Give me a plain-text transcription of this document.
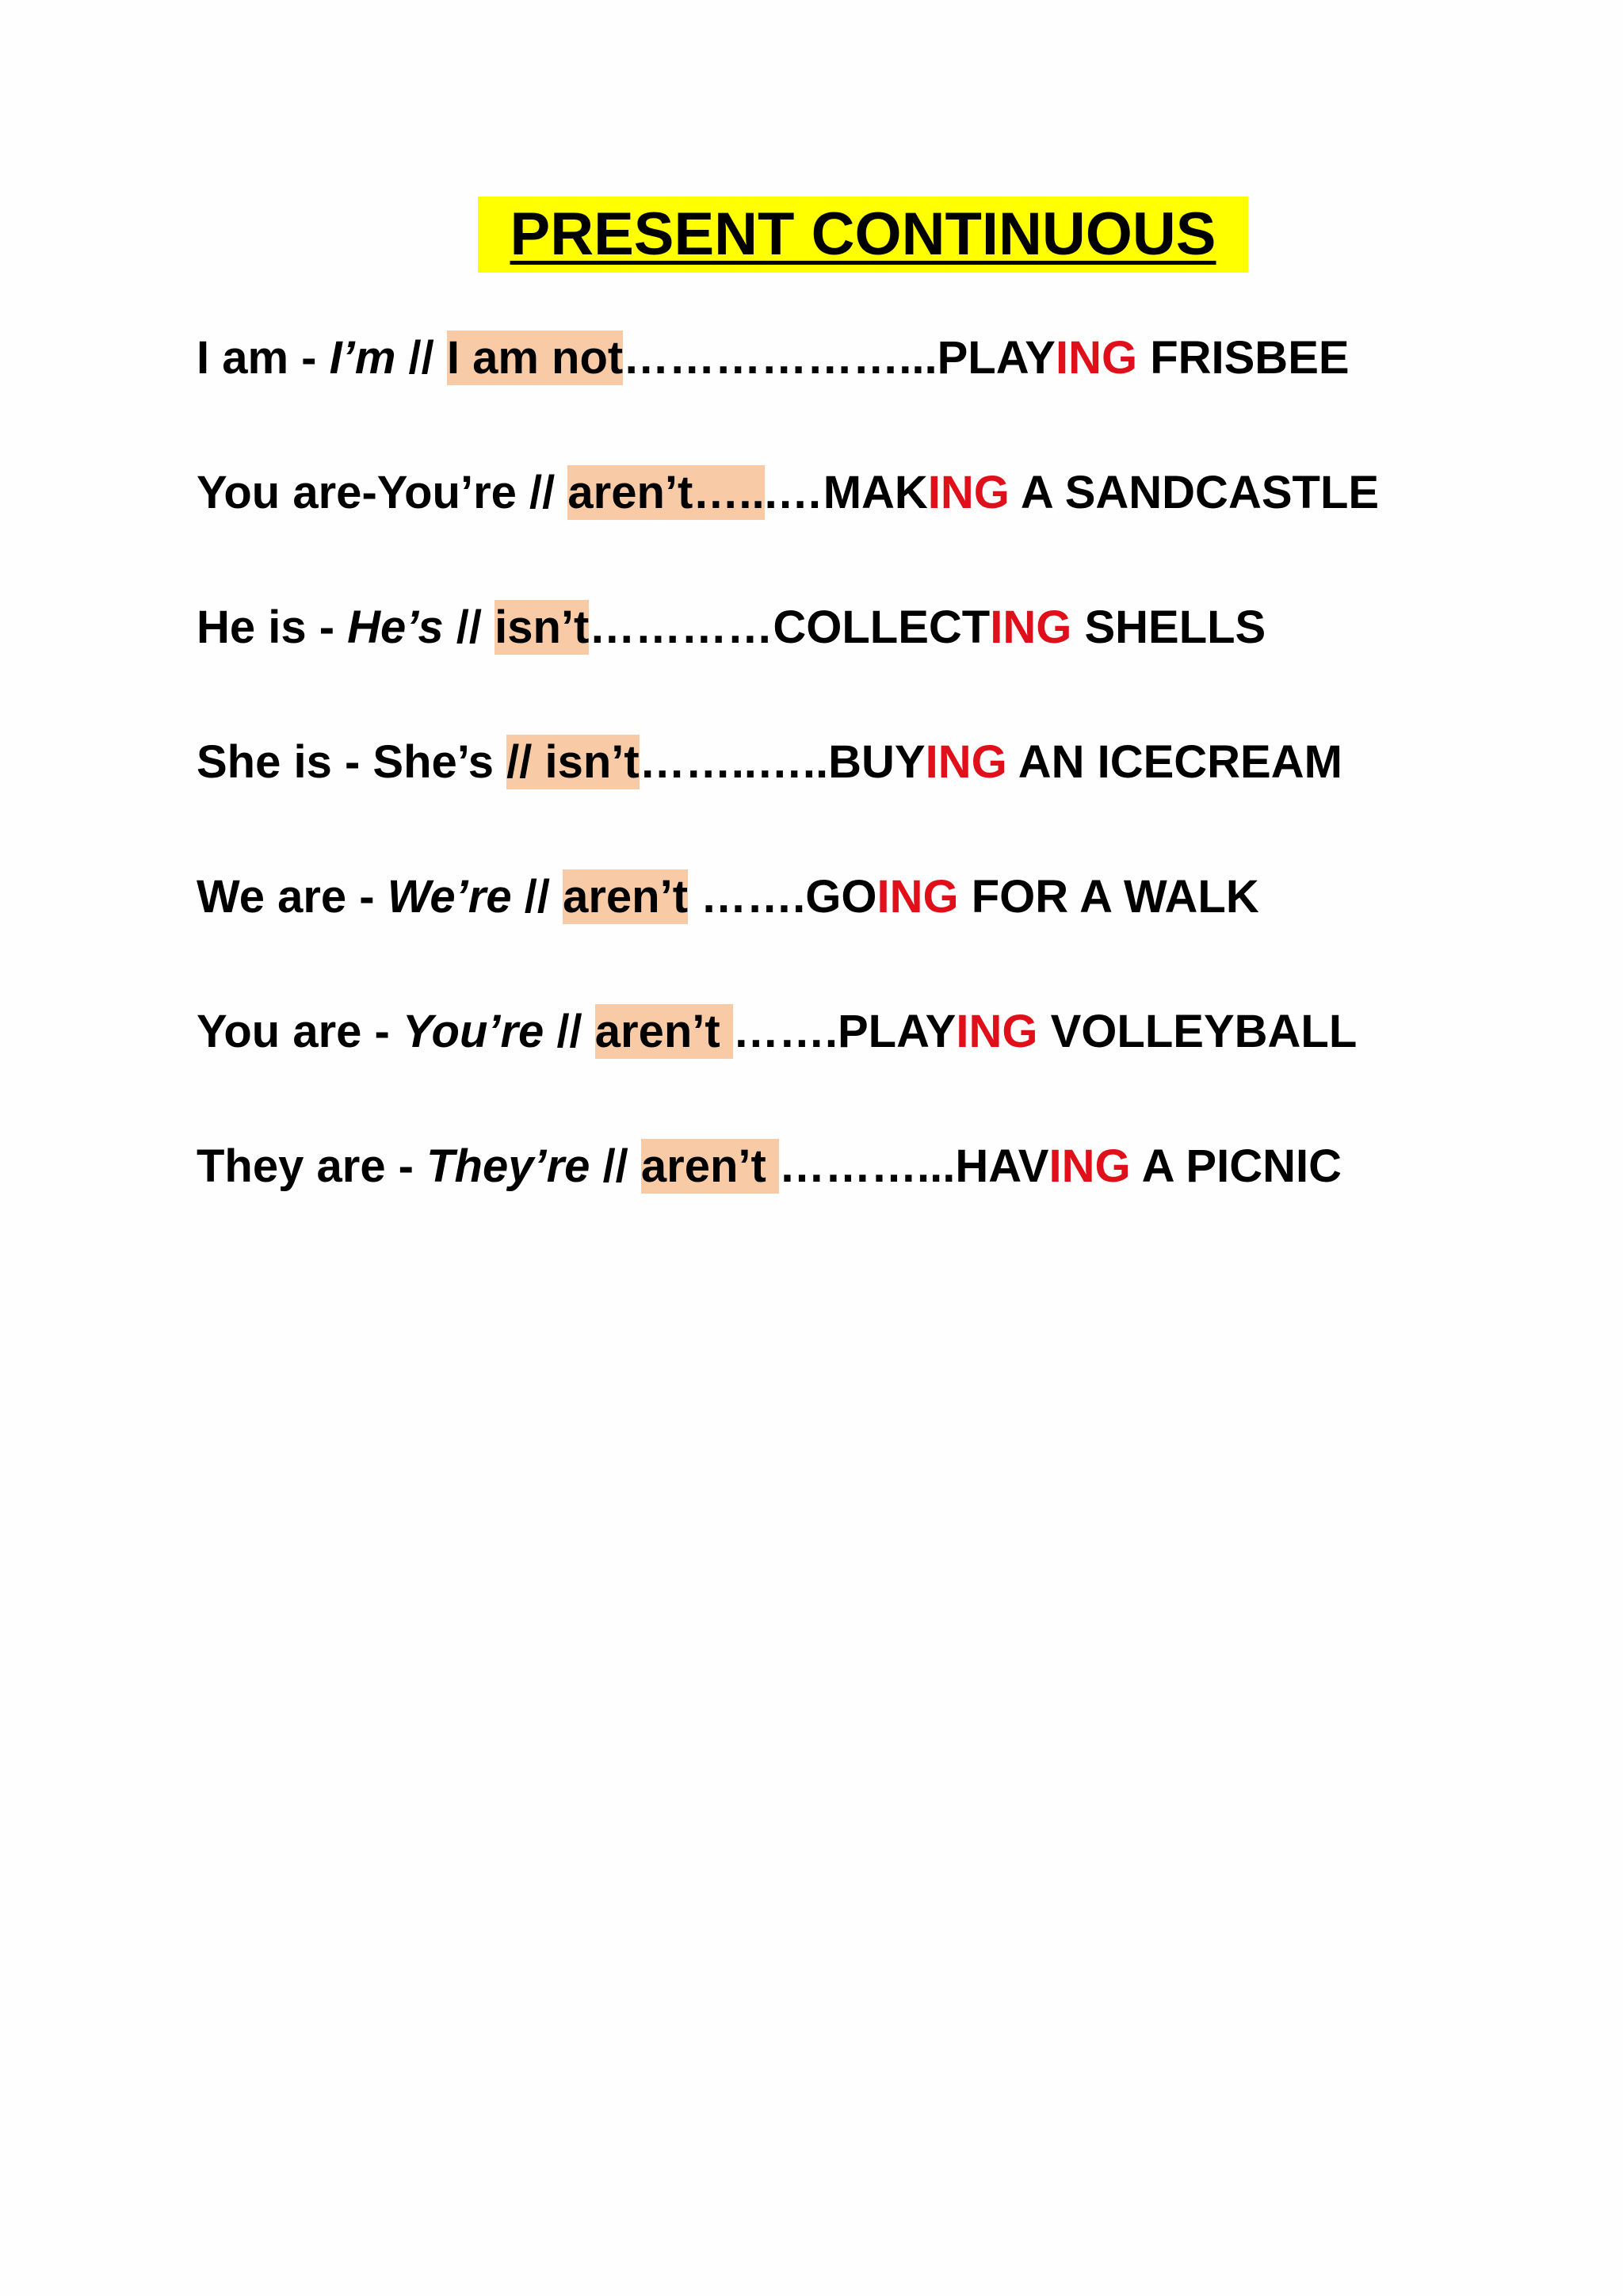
PRESENT CONTINUOUS
I am - I’m // I am not………………...PLAYING FRISBEE
You are-You’re // aren’t…...…MAKING A SANDCASTLE
He is - He’s // isn’t…………COLLECTING SHELLS
She is - She’s // isn’t……..…..BUYING AN ICECREAM
We are - We’re // aren’t …….GOING FOR A WALK
You are - You’re // aren’t …….PLAYING VOLLEYBALL
They are - They’re // aren’t ………...HAVING A PICNIC
